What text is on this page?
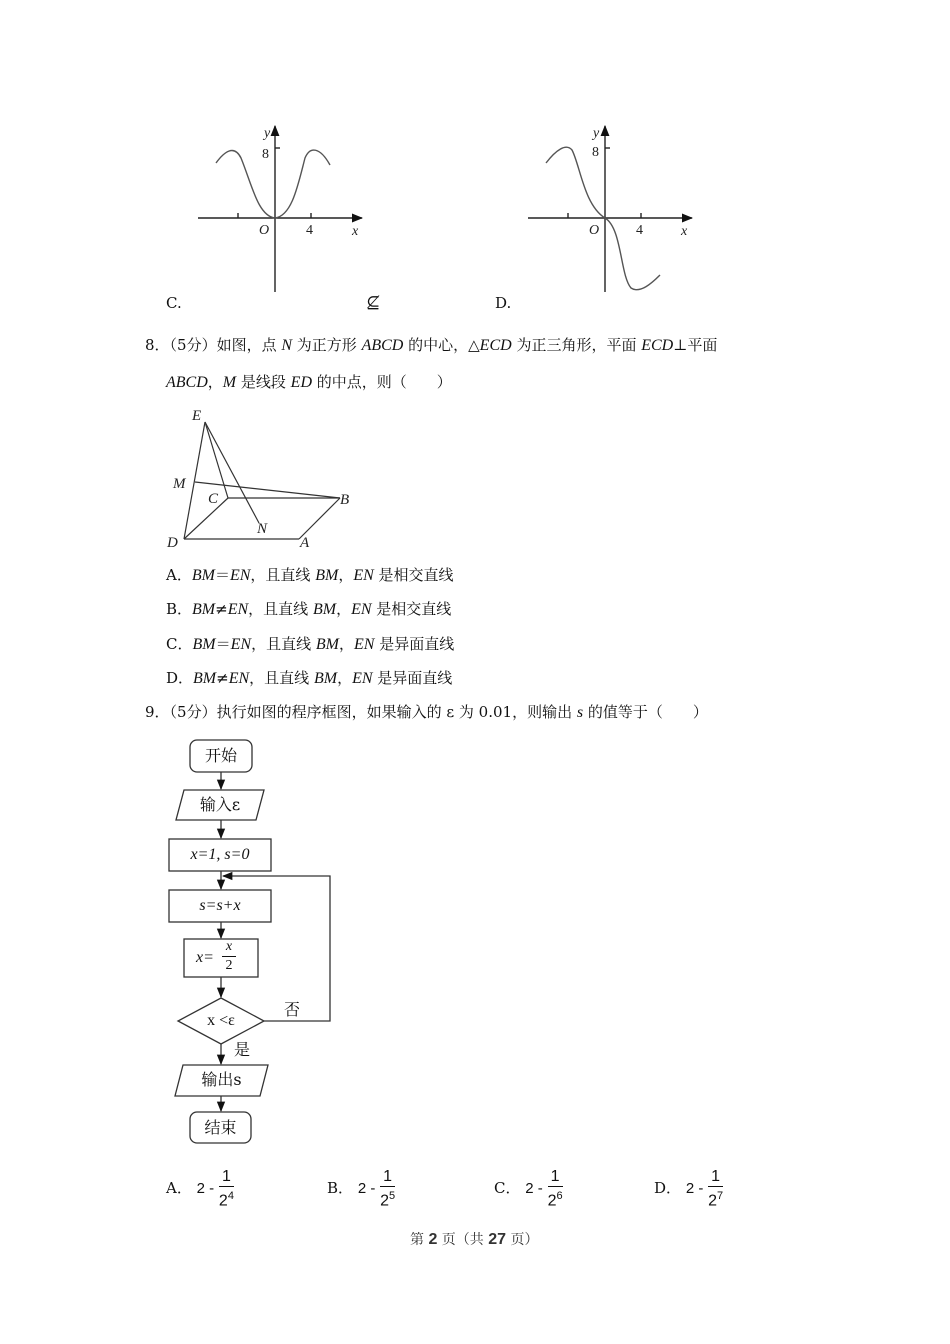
y
8
O	4	x
y
8
O	4	x
E
M
C	B
N
D	A
C.	⊈	D.
8．（5分）如图，点 N 为正方形 ABCD 的中心，△ECD 为正三角形，平面 ECD⊥平面
ABCD，M 是线段 ED 的中点，则（　　）
A．BM＝EN，且直线 BM，EN 是相交直线
B．BM≠EN，且直线 BM，EN 是相交直线
C．BM＝EN，且直线 BM，EN 是异面直线
D．BM≠EN，且直线 BM，EN 是异面直线
9．（5分）执行如图的程序框图，如果输入的 ε 为 0.01，则输出 s 的值等于（　　）
开始
输入ε
x=1, s=0
s=s+x
$x= \frac{x}{2}$
x <ε
否
是
输出s
结束
A． $2 - \frac{1}{2^4}$	B． $2 - \frac{1}{2^5}$	C． $2 - \frac{1}{2^6}$	D． $2 - \frac{1}{2^7}$
第 2 页（共 27 页）
